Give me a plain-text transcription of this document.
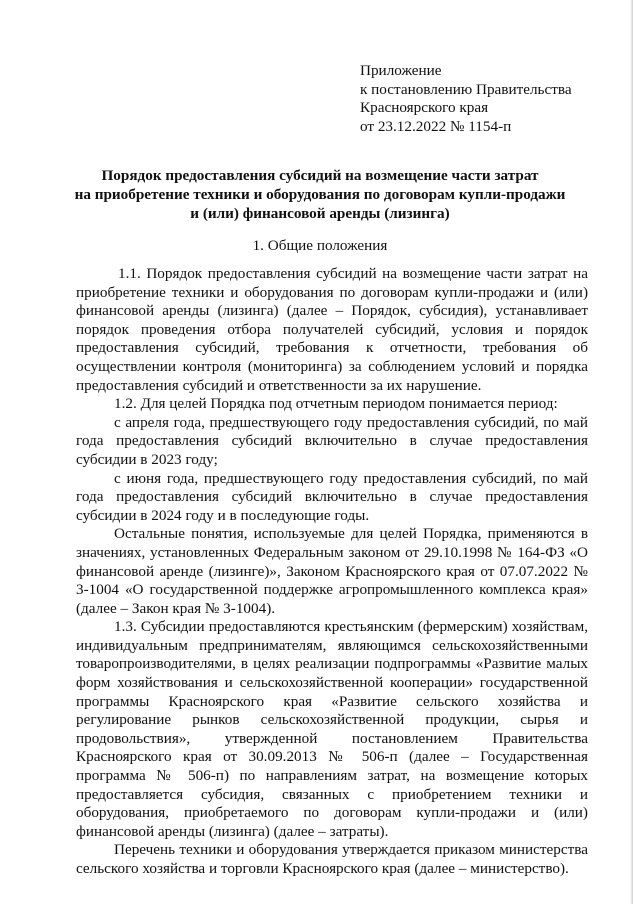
Приложение
к постановлению Правительства
Красноярского края
от 23.12.2022 № 1154-п
Порядок предоставления субсидий на возмещение части затрат
на приобретение техники и оборудования по договорам купли-продажи
и (или) финансовой аренды (лизинга)
1. Общие положения

1.1. Порядок предоставления субсидий на возмещение части затрат на приобретение техники и оборудования по договорам купли-продажи и (или) финансовой аренды (лизинга) (далее – Порядок, субсидия), устанавливает порядок проведения отбора получателей субсидий, условия и порядок предоставления субсидий, требования к отчетности, требования об осуществлении контроля (мониторинга) за соблюдением условий и порядка предоставления субсидий и ответственности за их нарушение.

1.2. Для целей Порядка под отчетным периодом понимается период:

с апреля года, предшествующего году предоставления субсидий, по май года предоставления субсидий включительно в случае предоставления субсидии в 2023 году;

с июня года, предшествующего году предоставления субсидий, по май года предоставления субсидий включительно в случае предоставления субсидии в 2024 году и в последующие годы.

Остальные понятия, используемые для целей Порядка, применяются в значениях, установленных Федеральным законом от 29.10.1998 № 164-ФЗ «О финансовой аренде (лизинге)», Законом Красноярского края от 07.07.2022 № 3-1004 «О государственной поддержке агропромышленного комплекса края» (далее – Закон края № 3-1004).

1.3. Субсидии предоставляются крестьянским (фермерским) хозяйствам, индивидуальным предпринимателям, являющимся сельскохозяйственными товаропроизводителями, в целях реализации подпрограммы «Развитие малых форм хозяйствования и сельскохозяйственной кооперации» государственной программы Красноярского края «Развитие сельского хозяйства и регулирование рынков сельскохозяйственной продукции, сырья и продовольствия», утвержденной постановлением Правительства Красноярского края от 30.09.2013 № 506-п (далее – Государственная программа № 506-п) по направлениям затрат, на возмещение которых предоставляется субсидия, связанных с приобретением техники и оборудования, приобретаемого по договорам купли-продажи и (или) финансовой аренды (лизинга) (далее – затраты).

Перечень техники и оборудования утверждается приказом министерства сельского хозяйства и торговли Красноярского края (далее – министерство).
